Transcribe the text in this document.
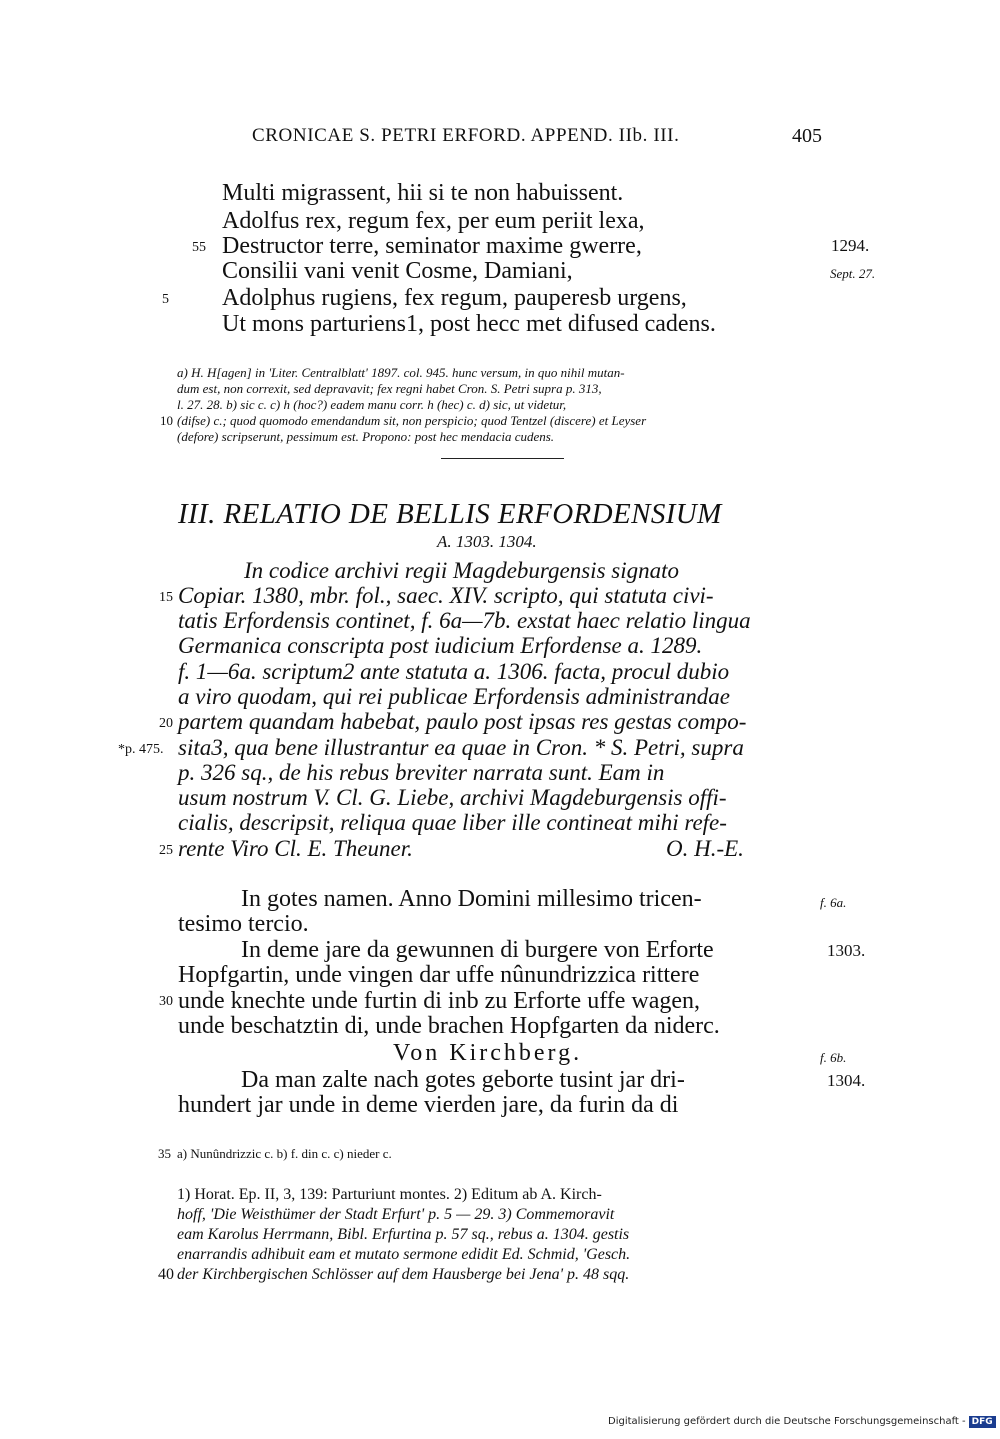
CRONICAE S. PETRI ERFORD. APPEND. IIb. III.	405
Multi migrassent, hii si te non habuissent.
Adolfus rex, regum fex, per eum periit lexa,
55 Destructor terre, seminator maxime gwerre,	1294.
Consilii vani venit Cosme, Damiani,	Sept. 27.
5 Adolphus rugiens, fex regum, pauperesb urgens,
Ut mons parturiens1, post hecc met difused cadens.
a) H. H[agen] in 'Liter. Centralblatt' 1897. col. 945. hunc versum, in quo nihil mutan-
dum est, non correxit, sed depravavit; fex regni habet Cron. S. Petri supra p. 313,
l. 27. 28. b) sic c. c) h (hoc?) eadem manu corr. h (hec) c. d) sic, ut videtur,
10 (difse) c.; quod quomodo emendandum sit, non perspicio; quod Tentzel (discere) et Leyser
(defore) scripserunt, pessimum est. Propono: post hec mendacia cudens.
III. RELATIO DE BELLIS ERFORDENSIUM
A. 1303. 1304.
In codice archivi regii Magdeburgensis signato
15 Copiar. 1380, mbr. fol., saec. XIV. scripto, qui statuta civi-
tatis Erfordensis continet, f. 6a—7b. exstat haec relatio lingua
Germanica conscripta post iudicium Erfordense a. 1289.
f. 1—6a. scriptum2 ante statuta a. 1306. facta, procul dubio
a viro quodam, qui rei publicae Erfordensis administrandae
20 partem quandam habebat, paulo post ipsas res gestas compo-
*p. 475. sita3, qua bene illustrantur ea quae in Cron. * S. Petri, supra
p. 326 sq., de his rebus breviter narrata sunt. Eam in
usum nostrum V. Cl. G. Liebe, archivi Magdeburgensis offi-
cialis, descripsit, reliqua quae liber ille contineat mihi refe-
25 rente Viro Cl. E. Theuner.	O. H.-E.
In gotes namen. Anno Domini millesimo tricen-	f. 6a.
tesimo tercio.
In deme jare da gewunnen di burgere von Erforte	1303.
Hopfgartin, unde vingen dar uffe nûnundrizzica rittere
30 unde knechte unde furtin di inb zu Erforte uffe wagen,
unde beschatztin di, unde brachen Hopfgarten da niderc.
Von Kirchberg.	f. 6b.
Da man zalte nach gotes geborte tusint jar dri-	1304.
hundert jar unde in deme vierden jare, da furin da di
35 a) Nunûndrizzic c. b) f. din c. c) nieder c.
1) Horat. Ep. II, 3, 139: Parturiunt montes. 2) Editum ab A. Kirch-
hoff, 'Die Weisthümer der Stadt Erfurt' p. 5 — 29. 3) Commemoravit
eam Karolus Herrmann, Bibl. Erfurtina p. 57 sq., rebus a. 1304. gestis
enarrandis adhibuit eam et mutato sermone edidit Ed. Schmid, 'Gesch.
40 der Kirchbergischen Schlösser auf dem Hausberge bei Jena' p. 48 sqq.
Digitalisierung gefördert durch die Deutsche Forschungsgemeinschaft - DFG
